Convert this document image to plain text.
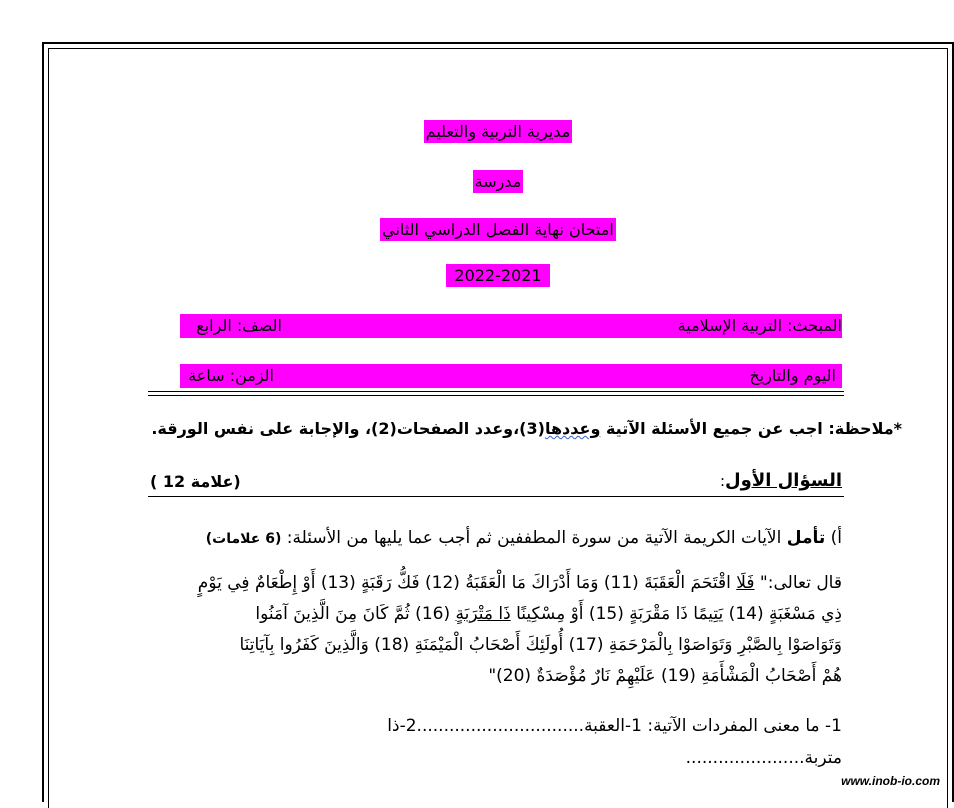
مديرية التربية والتعليم
مدرسة
امتحان نهاية الفصل الدراسي الثاني
2022-2021
المبحث: التربية الإسلامية
الصف: الرابع
اليوم والتاريخ
الزمن: ساعة
*ملاحظة: اجب عن جميع الأسئلة الآتية وعددها(3)،وعدد الصفحات(2)، والإجابة على نفس الورقة.
السؤال الأول:
( 12 علامة)
أ) تأمل الآيات الكريمة الآتية من سورة المطففين ثم أجب عما يليها من الأسئلة: (6 علامات)
قال تعالى:" فَلَا اقْتَحَمَ الْعَقَبَةَ (11) وَمَا أَدْرَاكَ مَا الْعَقَبَةُ (12) فَكُّ رَقَبَةٍ (13) أَوْ إِطْعَامٌ فِي يَوْمٍ
ذِي مَسْغَبَةٍ (14) يَتِيمًا ذَا مَقْرَبَةٍ (15) أَوْ مِسْكِينًا ذَا مَتْرَبَةٍ (16) ثُمَّ كَانَ مِنَ الَّذِينَ آمَنُوا
وَتَوَاصَوْا بِالصَّبْرِ وَتَوَاصَوْا بِالْمَرْحَمَةِ (17) أُولَئِكَ أَصْحَابُ الْمَيْمَنَةِ (18) وَالَّذِينَ كَفَرُوا بِآيَاتِنَا
هُمْ أَصْحَابُ الْمَشْأَمَةِ (19) عَلَيْهِمْ نَارٌ مُؤْصَدَةٌ (20)"
1- ما معنى المفردات الآتية: 1-العقبة...............................2-ذا
متربة......................
www.inob-io.com
